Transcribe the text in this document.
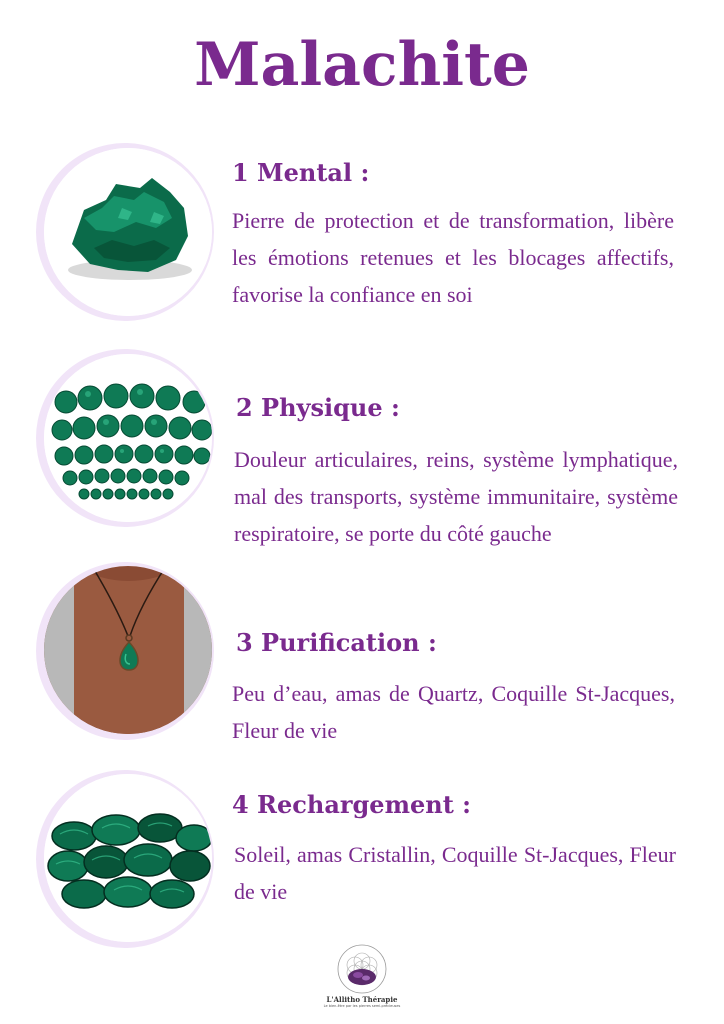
Malachite
1 Mental :

Pierre de protection et de transformation, libère les émotions retenues et les blocages affectifs, favorise la confiance en soi

2 Physique :

Douleur articulaires, reins, système lymphatique, mal des transports, système immunitaire, système respiratoire, se porte du côté gauche

3 Purification :

Peu d’eau, amas de Quartz, Coquille St-Jacques, Fleur de vie

4 Rechargement :

Soleil, amas Cristallin, Coquille St-Jacques, Fleur de vie

L'Allitho Thérapie
Le bien-être par les pierres semi-précieuses
